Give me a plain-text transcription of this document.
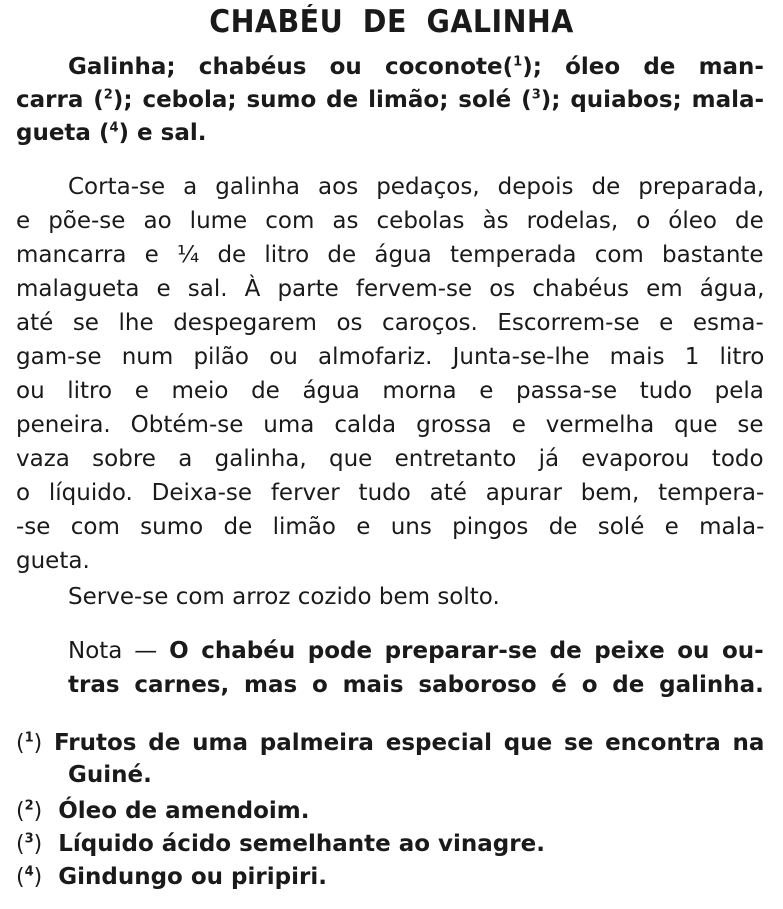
CHABÉU DE GALINHA
Galinha; chabéus ou coconote($^1$); óleo de man-
carra ($^2$); cebola; sumo de limão; solé ($^3$); quiabos; mala-
gueta ($^4$) e sal.
Corta-se a galinha aos pedaços, depois de preparada,
e põe-se ao lume com as cebolas às rodelas, o óleo de
mancarra e ¼ de litro de água temperada com bastante
malagueta e sal. À parte fervem-se os chabéus em água,
até se lhe despegarem os caroços. Escorrem-se e esma-
gam-se num pilão ou almofariz. Junta-se-lhe mais 1 litro
ou litro e meio de água morna e passa-se tudo pela
peneira. Obtém-se uma calda grossa e vermelha que se
vaza sobre a galinha, que entretanto já evaporou todo
o líquido. Deixa-se ferver tudo até apurar bem, tempera-
-se com sumo de limão e uns pingos de solé e mala-
gueta.
Serve-se com arroz cozido bem solto.
Nota — O chabéu pode preparar-se de peixe ou ou-
tras carnes, mas o mais saboroso é o de galinha.
($^1$) Frutos de uma palmeira especial que se encontra na
Guiné.
($^2$) Óleo de amendoim.
($^3$) Líquido ácido semelhante ao vinagre.
($^4$) Gindungo ou piripiri.
